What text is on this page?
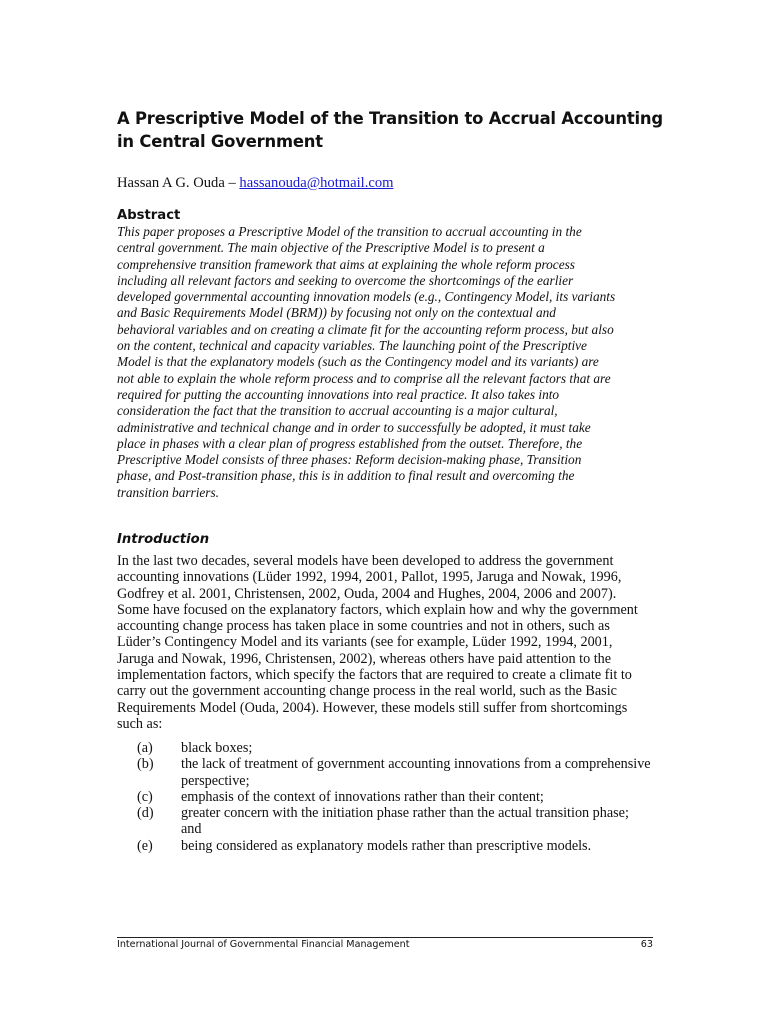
A Prescriptive Model of the Transition to Accrual Accounting
in Central Government
Hassan A G. Ouda – hassanouda@hotmail.com
Abstract
This paper proposes a Prescriptive Model of the transition to accrual accounting in the
central government. The main objective of the Prescriptive Model is to present a
comprehensive transition framework that aims at explaining the whole reform process
including all relevant factors and seeking to overcome the shortcomings of the earlier
developed governmental accounting innovation models (e.g., Contingency Model, its variants
and Basic Requirements Model (BRM)) by focusing not only on the contextual and
behavioral variables and on creating a climate fit for the accounting reform process, but also
on the content, technical and capacity variables. The launching point of the Prescriptive
Model is that the explanatory models (such as the Contingency model and its variants) are
not able to explain the whole reform process and to comprise all the relevant factors that are
required for putting the accounting innovations into real practice. It also takes into
consideration the fact that the transition to accrual accounting is a major cultural,
administrative and technical change and in order to successfully be adopted, it must take
place in phases with a clear plan of progress established from the outset. Therefore, the
Prescriptive Model consists of three phases: Reform decision-making phase, Transition
phase, and Post-transition phase, this is in addition to final result and overcoming the
transition barriers.
Introduction
In the last two decades, several models have been developed to address the government
accounting innovations (Lüder 1992, 1994, 2001, Pallot, 1995, Jaruga and Nowak, 1996,
Godfrey et al. 2001, Christensen, 2002, Ouda, 2004 and Hughes, 2004, 2006 and 2007).
Some have focused on the explanatory factors, which explain how and why the government
accounting change process has taken place in some countries and not in others, such as
Lüder’s Contingency Model and its variants (see for example, Lüder 1992, 1994, 2001,
Jaruga and Nowak, 1996, Christensen, 2002), whereas others have paid attention to the
implementation factors, which specify the factors that are required to create a climate fit to
carry out the government accounting change process in the real world, such as the Basic
Requirements Model (Ouda, 2004). However, these models still suffer from shortcomings
such as:
(a)	black boxes;
(b)	the lack of treatment of government accounting innovations from a comprehensive
perspective;
(c)	emphasis of the context of innovations rather than their content;
(d)	greater concern with the initiation phase rather than the actual transition phase;
and
(e)	being considered as explanatory models rather than prescriptive models.
International Journal of Governmental Financial Management	63
